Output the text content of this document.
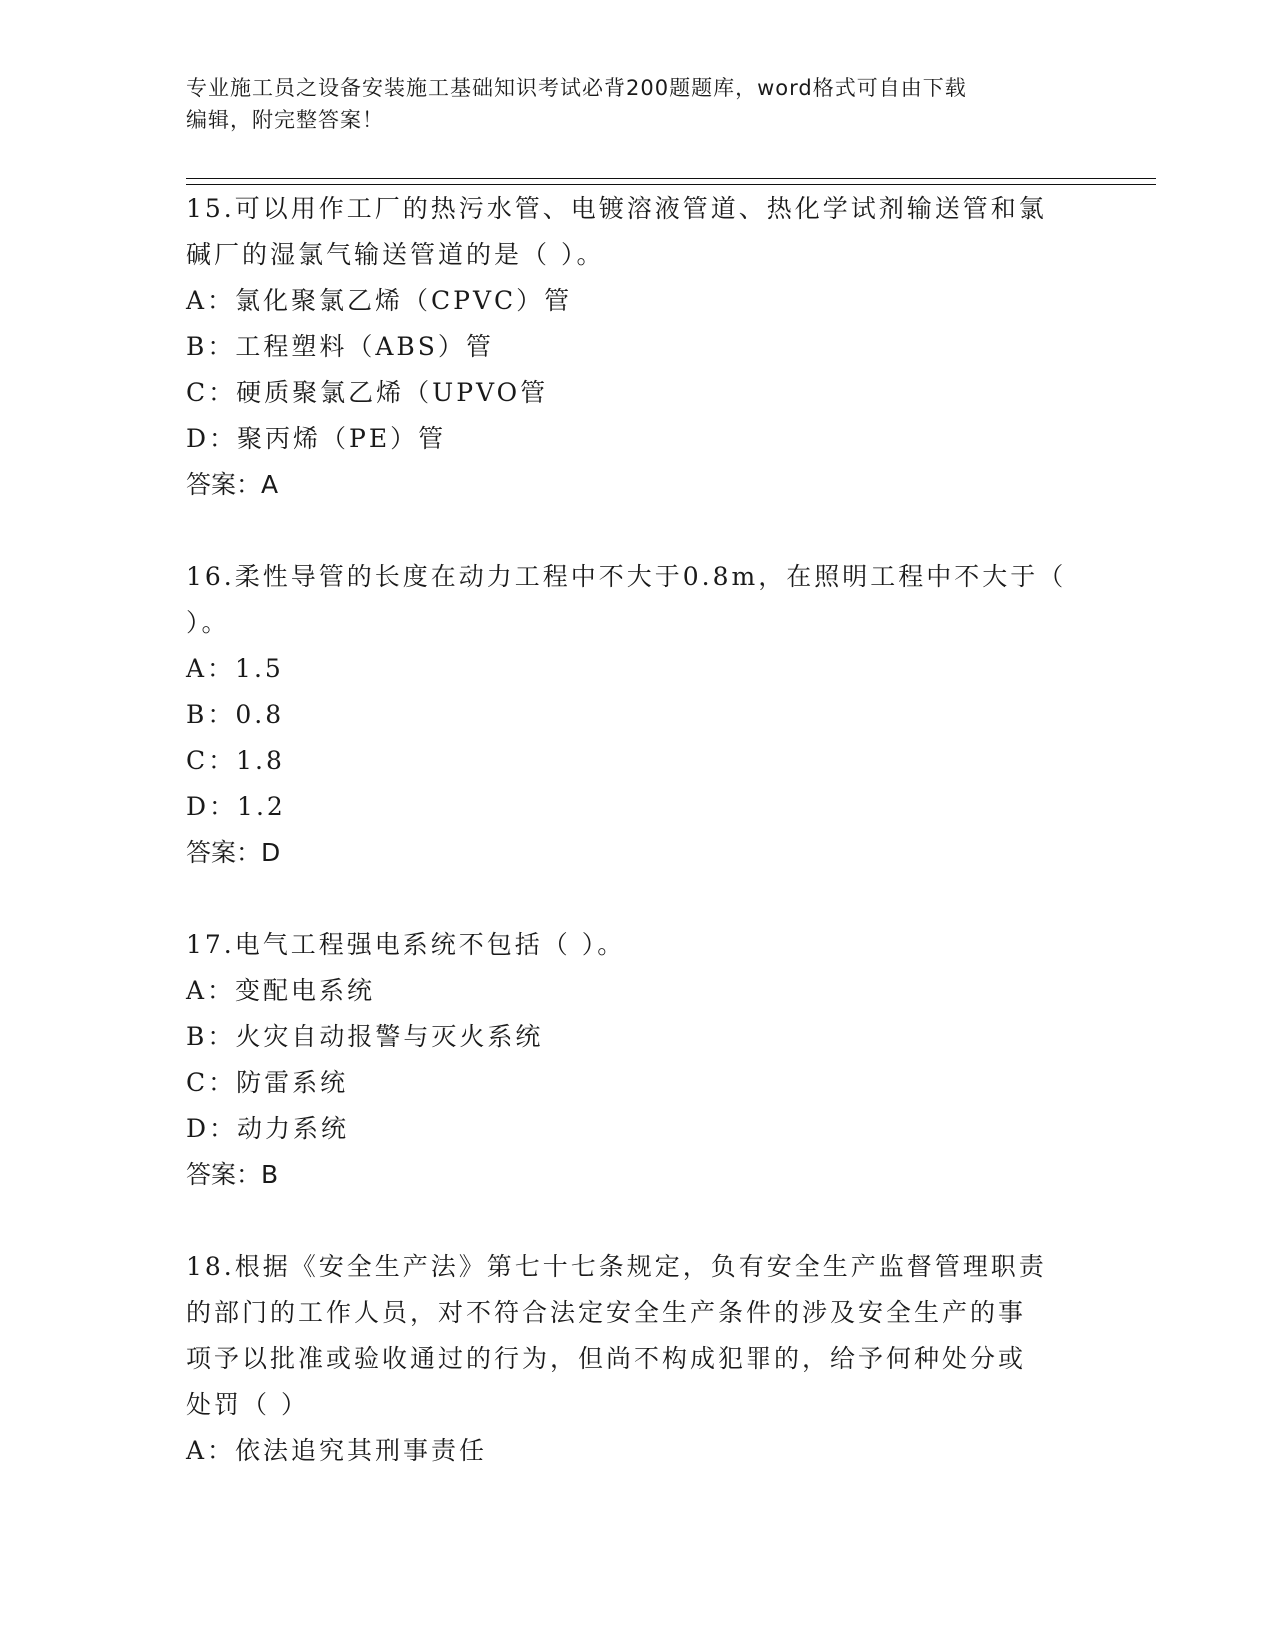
专业施工员之设备安装施工基础知识考试必背200题题库，word格式可自由下载
编辑，附完整答案！

15.可以用作工厂的热污水管、电镀溶液管道、热化学试剂输送管和氯

碱厂的湿氯气输送管道的是（ ）。

A：氯化聚氯乙烯（CPVC）管

B：工程塑料（ABS）管

C：硬质聚氯乙烯（UPVO管

D：聚丙烯（PE）管

答案：A

16.柔性导管的长度在动力工程中不大于0.8m，在照明工程中不大于（

）。

A：1.5

B：0.8

C：1.8

D：1.2

答案：D

17.电气工程强电系统不包括（ ）。

A：变配电系统

B：火灾自动报警与灭火系统

C：防雷系统

D：动力系统

答案：B

18.根据《安全生产法》第七十七条规定，负有安全生产监督管理职责

的部门的工作人员，对不符合法定安全生产条件的涉及安全生产的事

项予以批准或验收通过的行为，但尚不构成犯罪的，给予何种处分或

处罚（ ）

A：依法追究其刑事责任
